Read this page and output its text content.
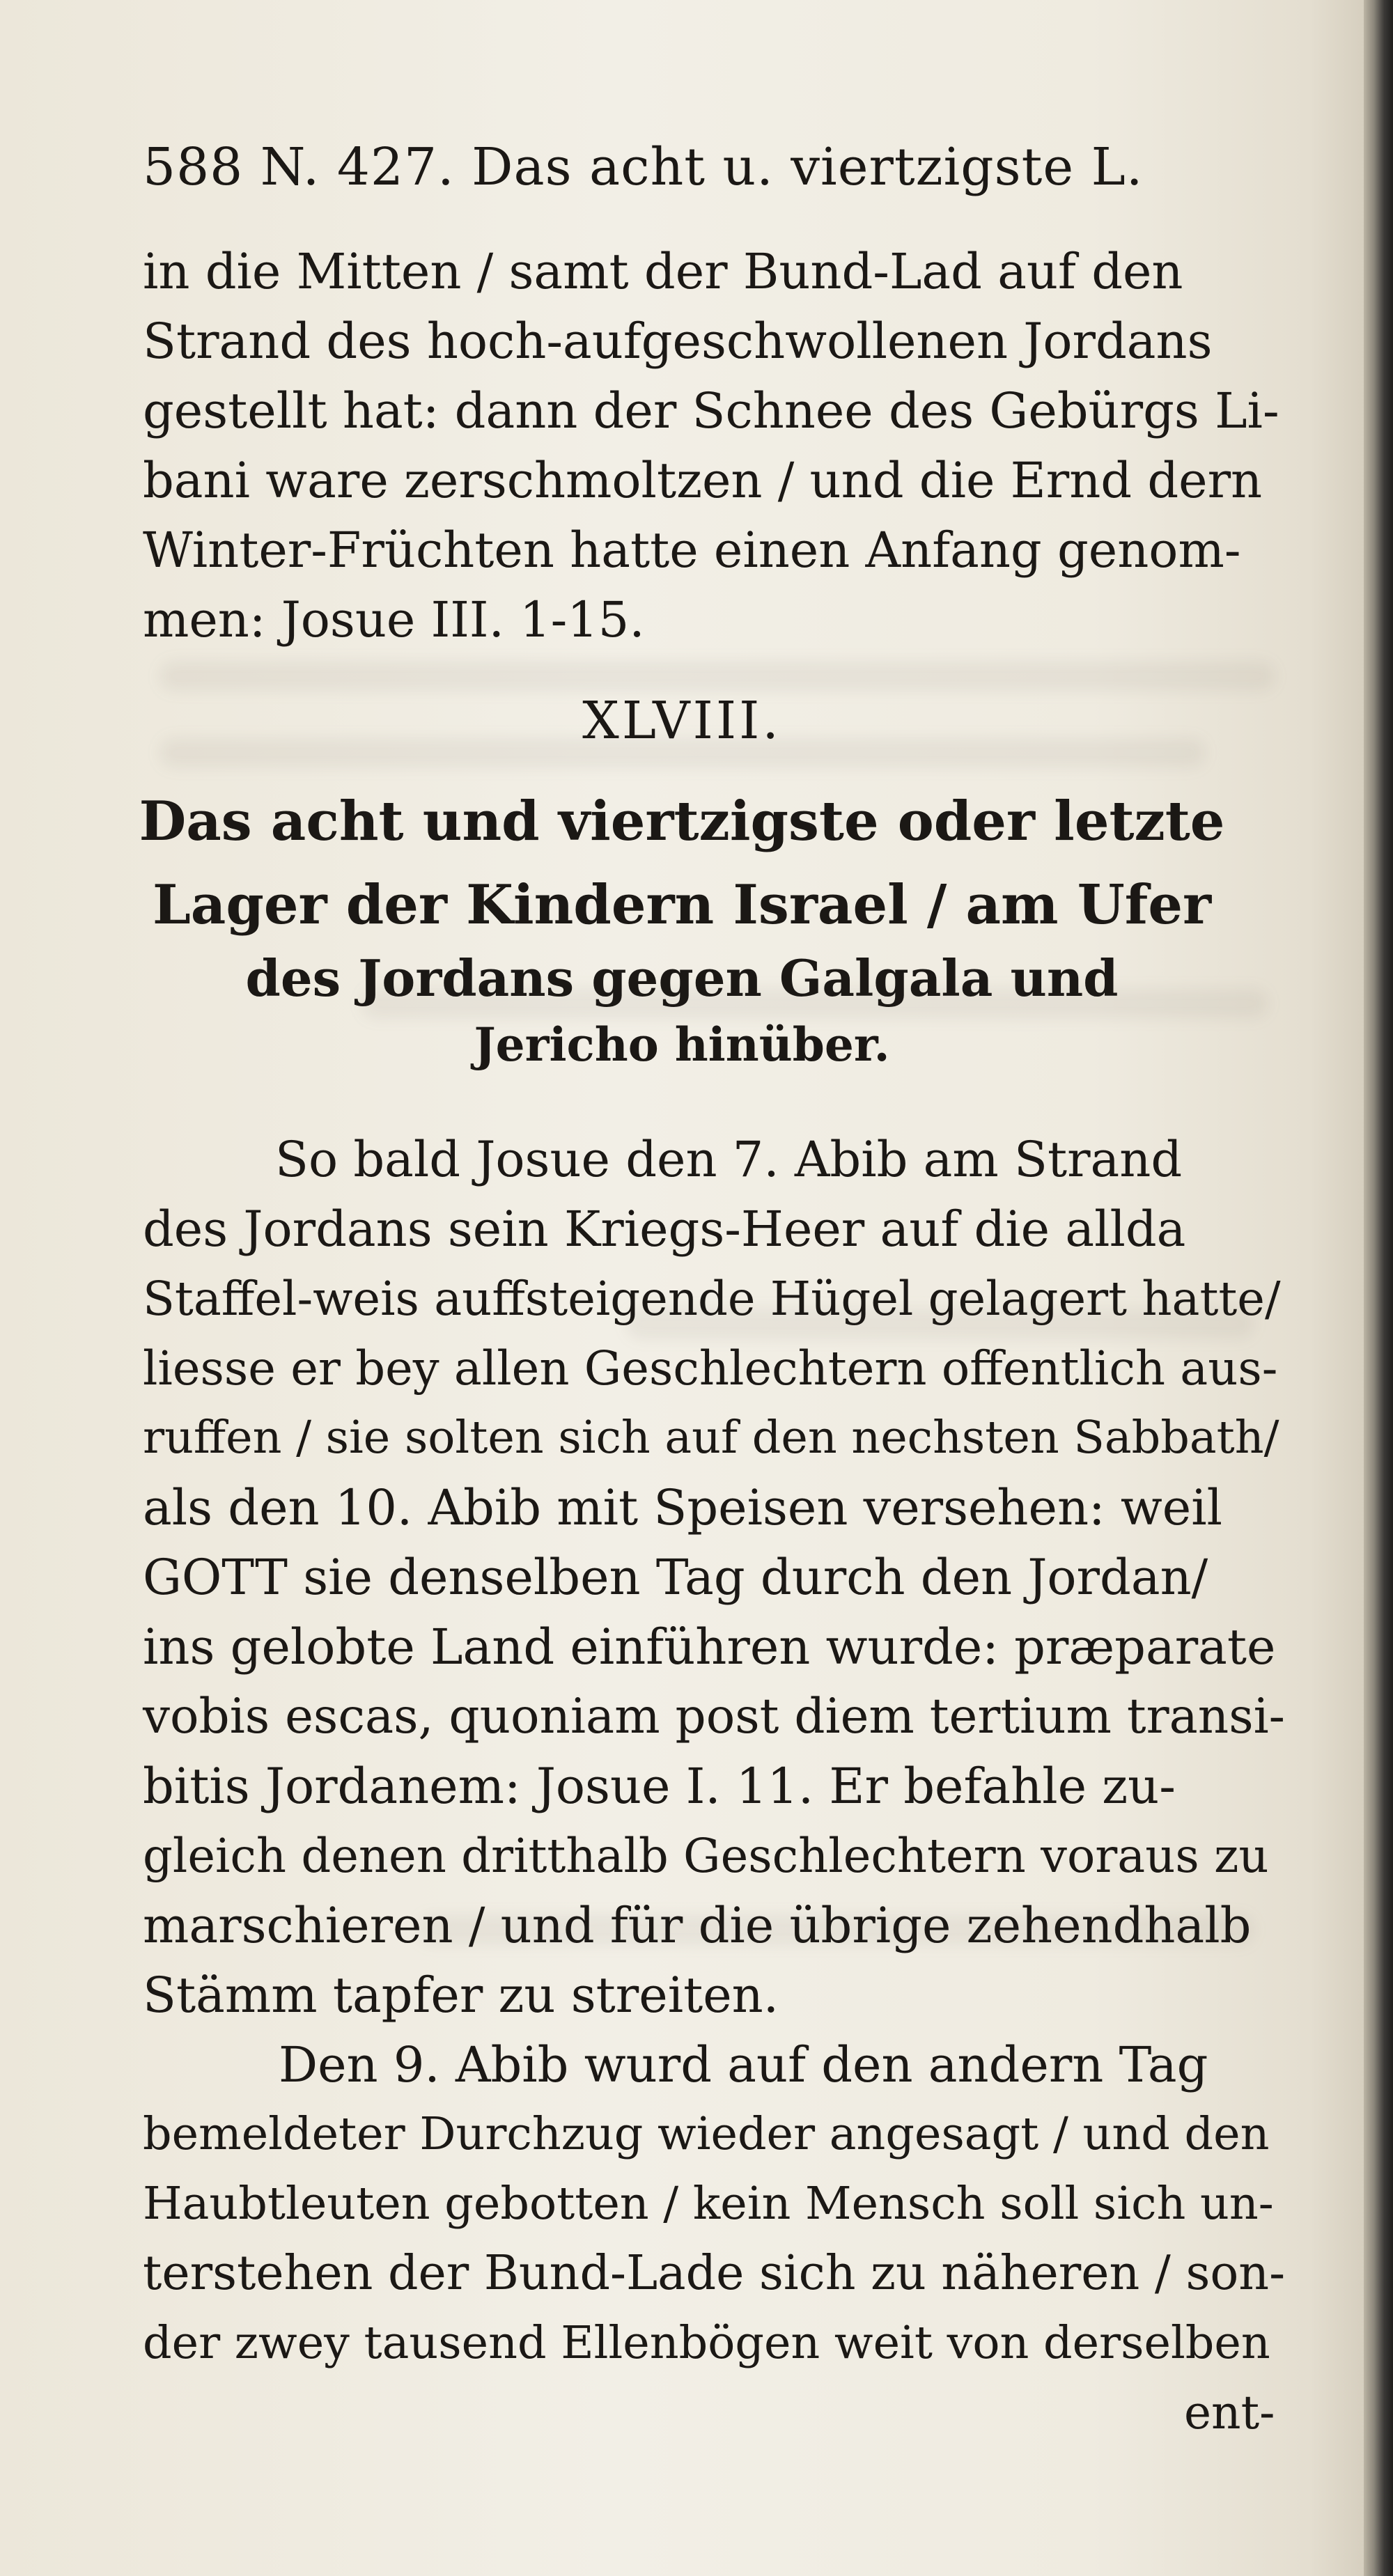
588 N. 427. Das acht u. viertzigste L.
in die Mitten / samt der Bund-Lad auf den
Strand des hoch-aufgeschwollenen Jordans
gestellt hat: dann der Schnee des Gebürgs Li-
bani ware zerschmoltzen / und die Ernd dern
Winter-Früchten hatte einen Anfang genom-
men: Josue III. 1-15.
XLVIII.
Das acht und viertzigste oder letzte
Lager der Kindern Israel / am Ufer
des Jordans gegen Galgala und
Jericho hinüber.
So bald Josue den 7. Abib am Strand
des Jordans sein Kriegs-Heer auf die allda
Staffel-weis auffsteigende Hügel gelagert hatte/
liesse er bey allen Geschlechtern offentlich aus-
ruffen / sie solten sich auf den nechsten Sabbath/
als den 10. Abib mit Speisen versehen: weil
GOTT sie denselben Tag durch den Jordan/
ins gelobte Land einführen wurde: præparate
vobis escas, quoniam post diem tertium transi-
bitis Jordanem: Josue I. 11. Er befahle zu-
gleich denen dritthalb Geschlechtern voraus zu
marschieren / und für die übrige zehendhalb
Stämm tapfer zu streiten.
Den 9. Abib wurd auf den andern Tag
bemeldeter Durchzug wieder angesagt / und den
Haubtleuten gebotten / kein Mensch soll sich un-
terstehen der Bund-Lade sich zu näheren / son-
der zwey tausend Ellenbögen weit von derselben
ent-
